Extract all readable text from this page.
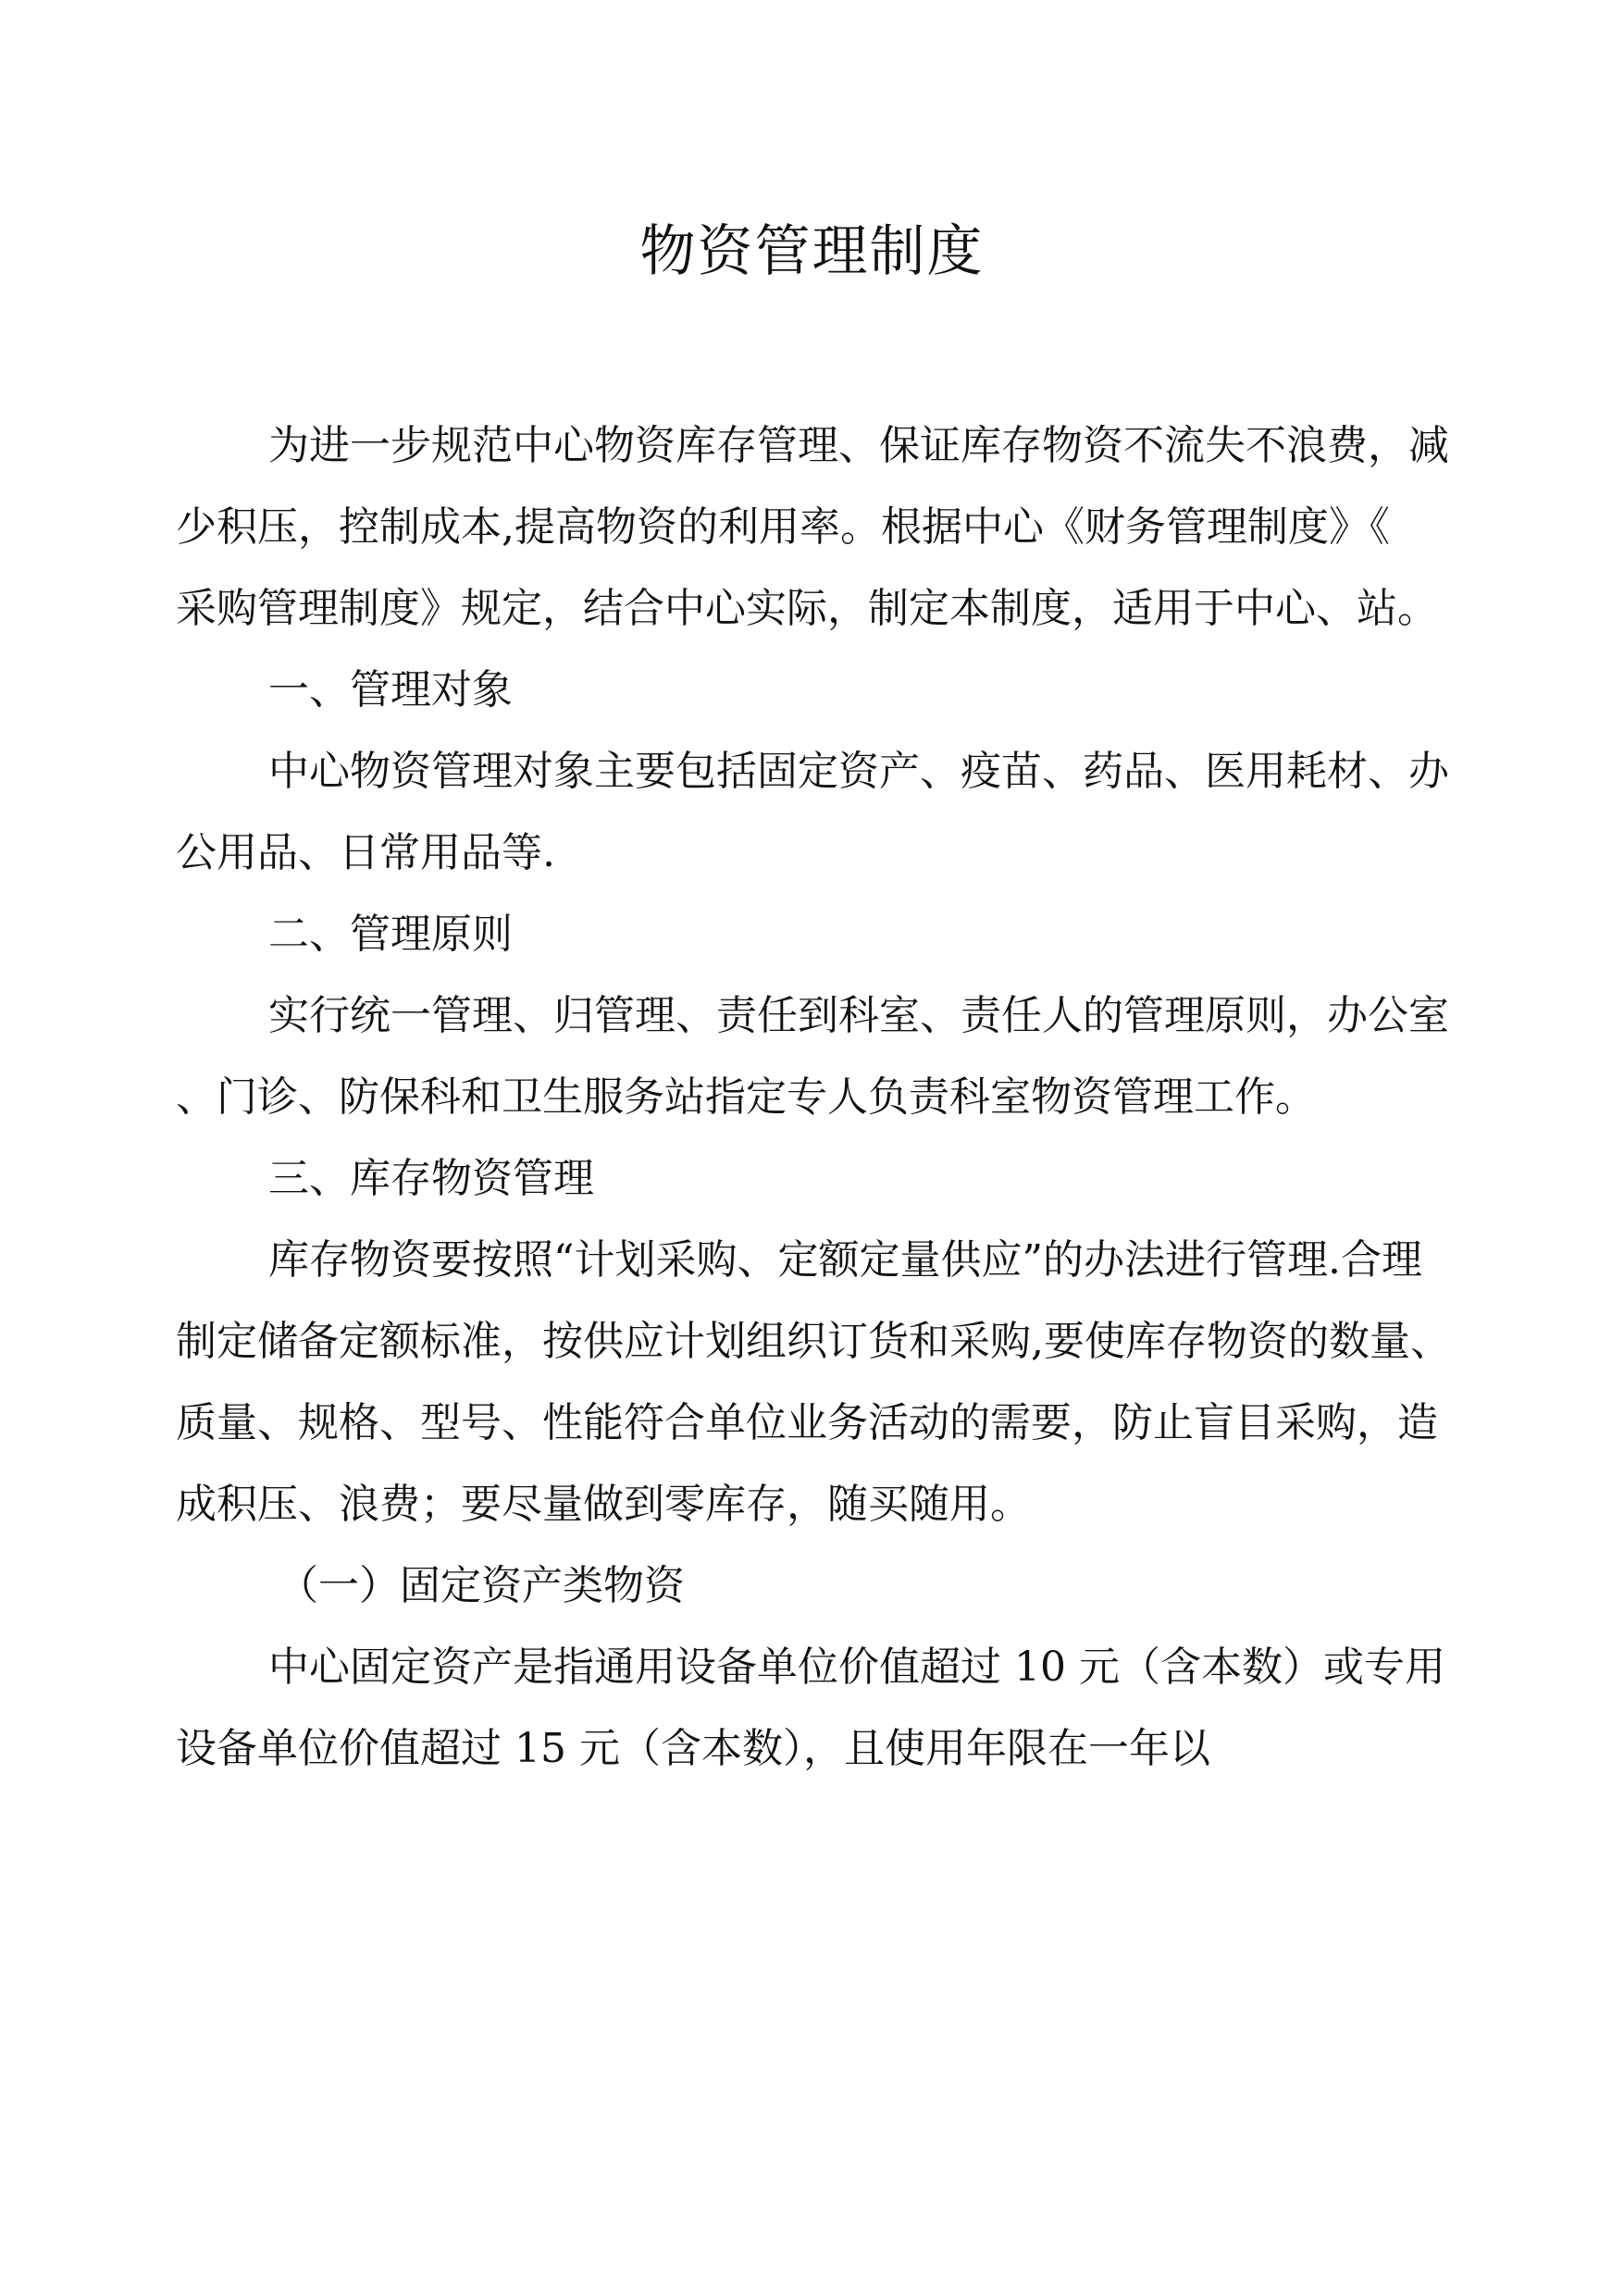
物资管理制度

为进一步规范中心物资库存管理、保证库存物资不流失不浪费，减

少积压，控制成本,提高物资的利用率。根据中心《财务管理制度》《

采购管理制度》规定，结合中心实际，制定本制度，适用于中心、站。

一、管理对象

中心物资管理对象主要包括固定资产、疫苗、药品、医用耗材、办

公用品、日常用品等.

二、管理原则

实行统一管理、归管理、责任到科室、责任人的管理原则，办公室

、门诊、防保科和卫生服务站指定专人负责科室物资管理工作。

三、库存物资管理

库存物资要按照“计划采购、定额定量供应”的办法进行管理.合理

制定储备定额标准，按供应计划组织订货和采购,要使库存物资的数量、

质量、规格、型号、性能符合单位业务活动的需要，防止盲目采购，造

成积压、浪费；要尽量做到零库存，随买随用。

（一）固定资产类物资

中心固定资产是指通用设备单位价值超过 10 元（含本数）或专用

设备单位价值超过 15 元（含本数），且使用年限在一年以
